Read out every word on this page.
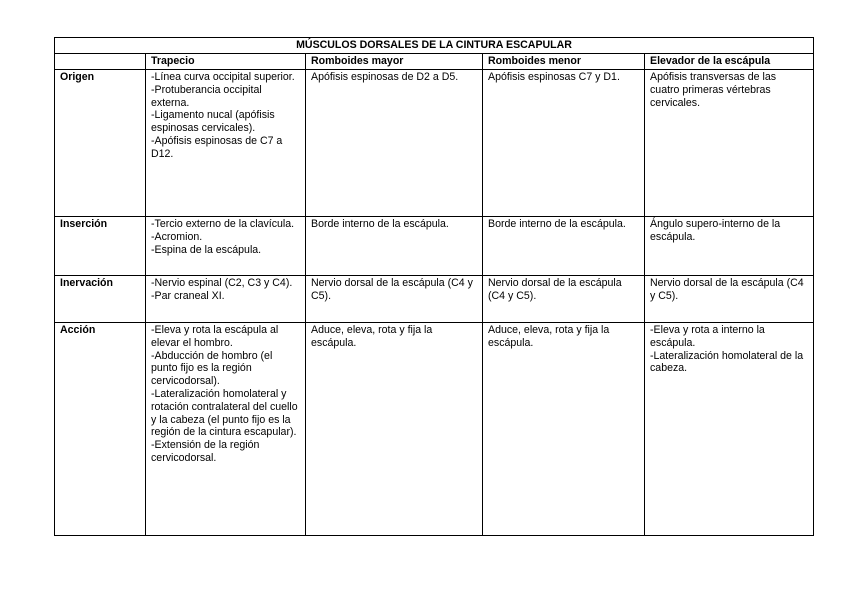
MÚSCULOS DORSALES DE LA CINTURA ESCAPULAR				
	Trapecio	Romboides mayor	Romboides menor	Elevador de la escápula
Origen	-Línea curva occipital superior.
-Protuberancia occipital externa.
-Ligamento nucal (apófisis espinosas cervicales).
-Apófisis espinosas de C7 a D12.	Apófisis espinosas de D2 a D5.	Apófisis espinosas C7 y D1.	Apófisis transversas de las cuatro primeras vértebras cervicales.
Inserción	-Tercio externo de la clavícula.
-Acromion.
-Espina de la escápula.	Borde interno de la escápula.	Borde interno de la escápula.	Ángulo supero-interno de la escápula.
Inervación	-Nervio espinal (C2, C3 y C4).
-Par craneal XI.	Nervio dorsal de la escápula (C4 y C5).	Nervio dorsal de la escápula (C4 y C5).	Nervio dorsal de la escápula (C4 y C5).
Acción	-Eleva y rota la escápula al elevar el hombro.
-Abducción de hombro (el punto fijo es la región cervicodorsal).
-Lateralización homolateral y rotación contralateral del cuello y la cabeza (el punto fijo es la región de la cintura escapular).
-Extensión de la región cervicodorsal.	Aduce, eleva, rota y fija la escápula.	Aduce, eleva, rota y fija la escápula.	-Eleva y rota a interno la escápula.
-Lateralización homolateral de la cabeza.
